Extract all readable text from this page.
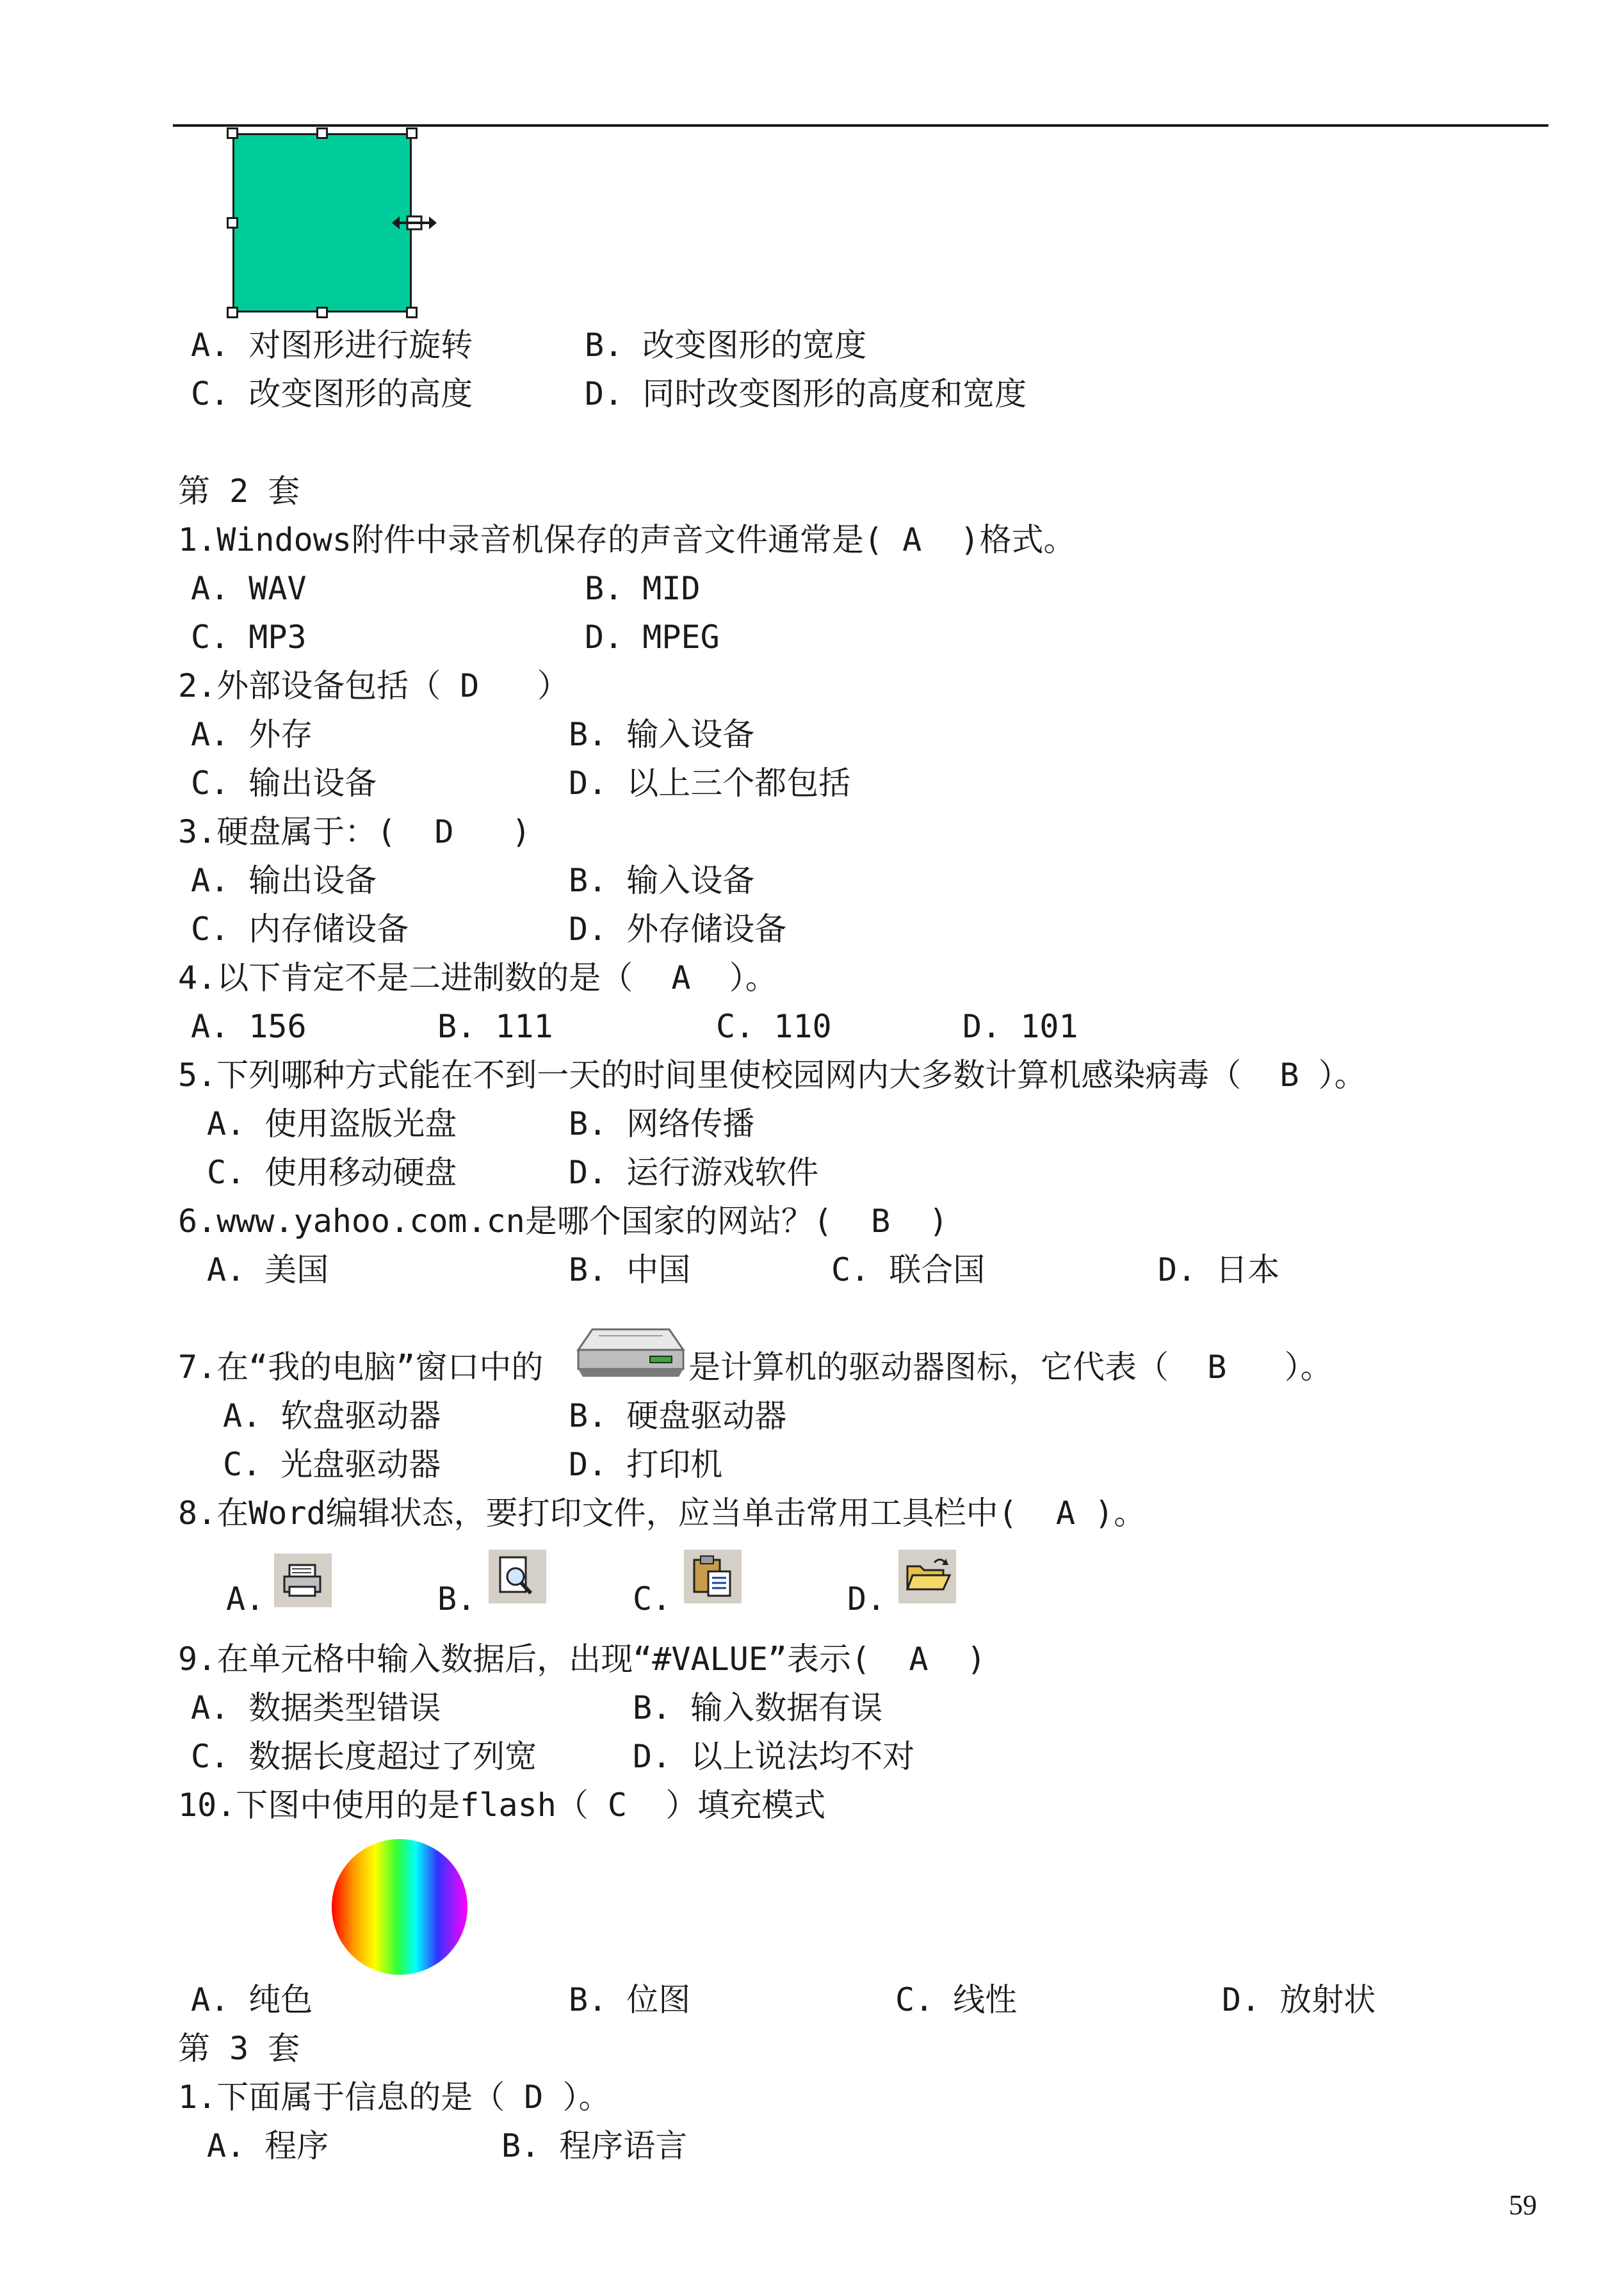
A. 对图形进行旋转	B. 改变图形的宽度
C. 改变图形的高度	D. 同时改变图形的高度和宽度
第 2 套
1.Windows附件中录音机保存的声音文件通常是( A  )格式。
A. WAV	B. MID
C. MP3	D. MPEG
2.外部设备包括（ D   ）
A. 外存	B. 输入设备
C. 输出设备	D. 以上三个都包括
3.硬盘属于：(  D   )
A. 输出设备	B. 输入设备
C. 内存储设备	D. 外存储设备
4.以下肯定不是二进制数的是（  A  ）。
A. 156	B. 111	C. 110	D. 101
5.下列哪种方式能在不到一天的时间里使校园网内大多数计算机感染病毒（  B ）。
A. 使用盗版光盘	B. 网络传播
C. 使用移动硬盘	D. 运行游戏软件
6.www.yahoo.com.cn是哪个国家的网站？(  B  )
A. 美国	B. 中国	C. 联合国	D. 日本
7.在“我的电脑”窗口中的	是计算机的驱动器图标，它代表（  B   ）。
A. 软盘驱动器	B. 硬盘驱动器
C. 光盘驱动器	D. 打印机
8.在Word编辑状态，要打印文件，应当单击常用工具栏中(  A )。
A.	B.	C.	D.
9.在单元格中输入数据后，出现“#VALUE”表示(  A  )
A. 数据类型错误	B. 输入数据有误
C. 数据长度超过了列宽	D. 以上说法均不对
10.下图中使用的是flash（ C  ）填充模式
A. 纯色	B. 位图	C. 线性	D. 放射状
第 3 套
1.下面属于信息的是（ D ）。
A. 程序	B. 程序语言
59
